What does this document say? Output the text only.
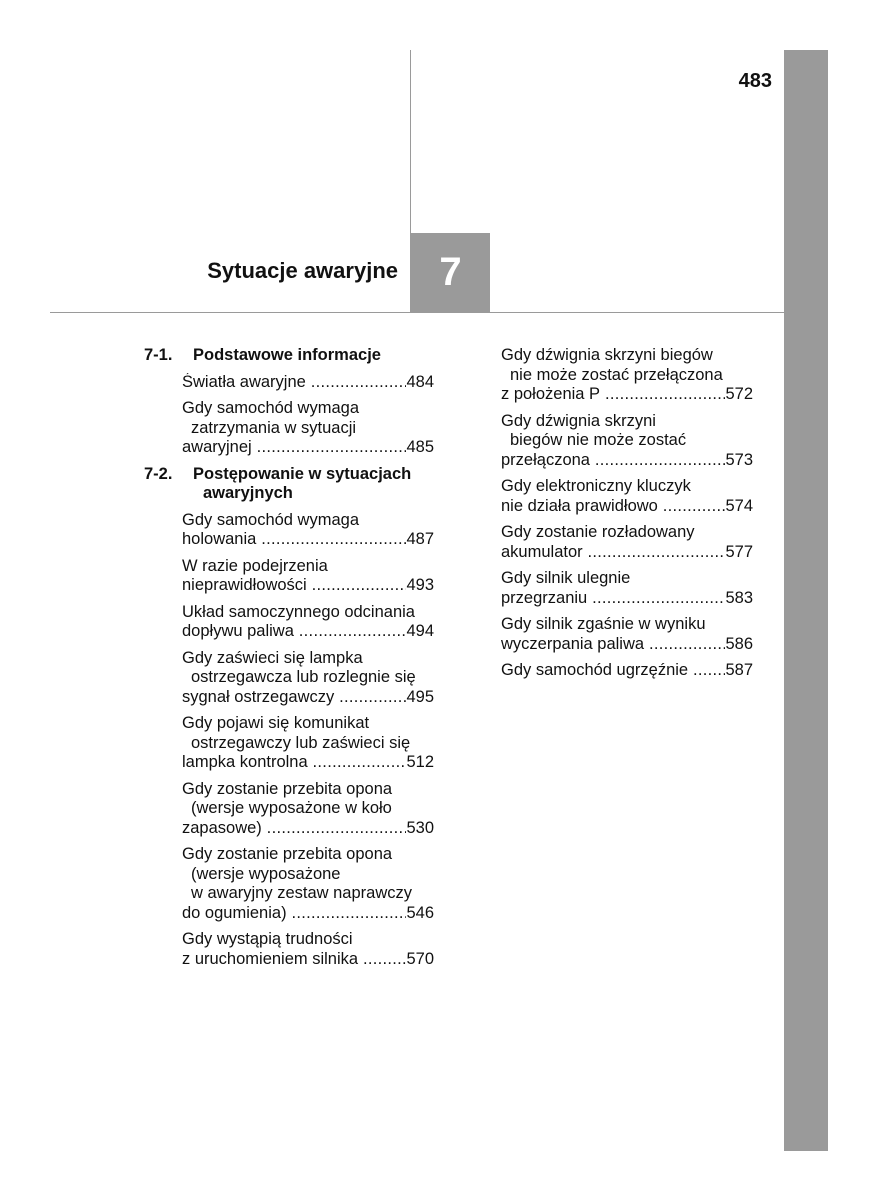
483
7
Sytuacje awaryjne
7-1. Podstawowe informacje
Światła awaryjne .....	484
Gdy samochód wymaga
zatrzymania w sytuacji
awaryjnej .....	485
7-2. Postępowanie w sytuacjach
awaryjnych
Gdy samochód wymaga
holowania .....	487
W razie podejrzenia
nieprawidłowości .....	493
Układ samoczynnego odcinania
dopływu paliwa .....	494
Gdy zaświeci się lampka
ostrzegawcza lub rozlegnie się
sygnał ostrzegawczy .....	495
Gdy pojawi się komunikat
ostrzegawczy lub zaświeci się
lampka kontrolna .....	512
Gdy zostanie przebita opona
(wersje wyposażone w koło
zapasowe) .....	530
Gdy zostanie przebita opona
(wersje wyposażone
w awaryjny zestaw naprawczy
do ogumienia) .....	546
Gdy wystąpią trudności
z uruchomieniem silnika .....	570
Gdy dźwignia skrzyni biegów
nie może zostać przełączona
z położenia P .....	572
Gdy dźwignia skrzyni
biegów nie może zostać
przełączona .....	573
Gdy elektroniczny kluczyk
nie działa prawidłowo .....	574
Gdy zostanie rozładowany
akumulator .....	577
Gdy silnik ulegnie
przegrzaniu .....	583
Gdy silnik zgaśnie w wyniku
wyczerpania paliwa .....	586
Gdy samochód ugrzęźnie .....	587
